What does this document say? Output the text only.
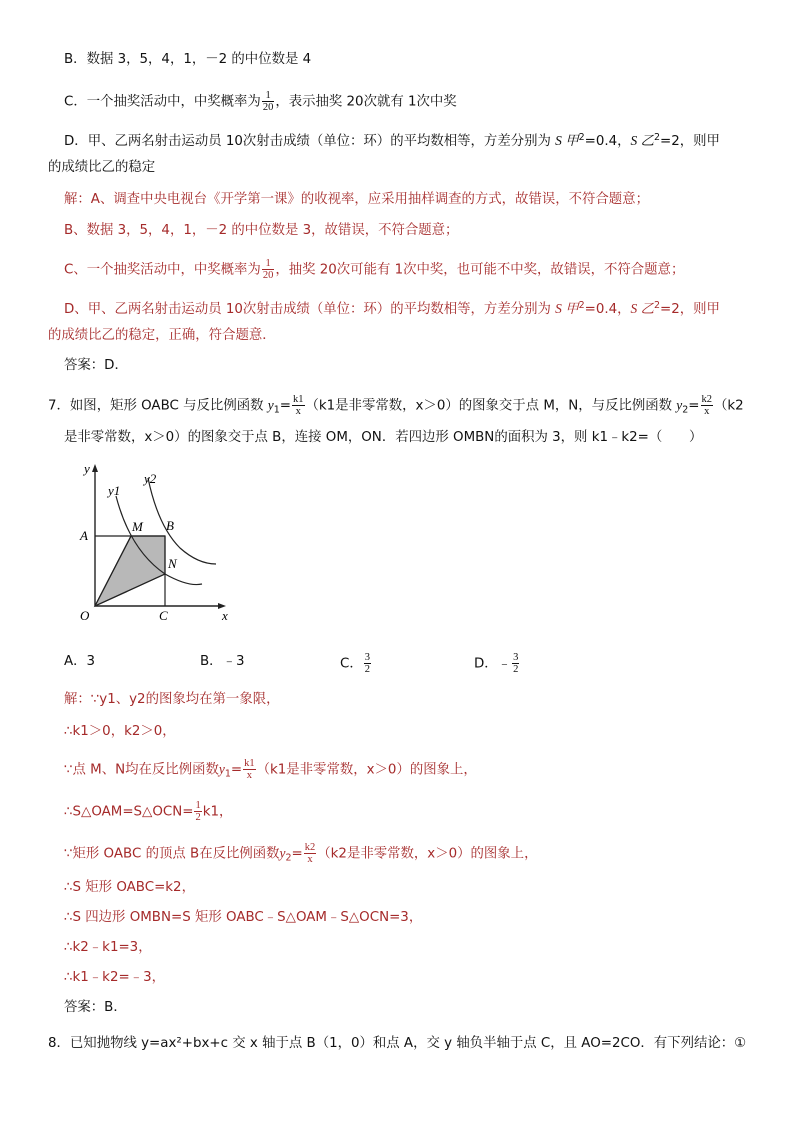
B．数据 3，5，4，1，－2 的中位数是 4
C．一个抽奖活动中，中奖概率为 $\frac{1}{20}$ ，表示抽奖 20次就有 1次中奖
D．甲、乙两名射击运动员 10次射击成绩（单位：环）的平均数相等，方差分别为 S 甲$^2$=0.4，S 乙$^2$=2，则甲
的成绩比乙的稳定
解：A、调查中央电视台《开学第一课》的收视率，应采用抽样调查的方式，故错误，不符合题意；
B、数据 3，5，4，1，－2 的中位数是 3，故错误，不符合题意；
C、一个抽奖活动中，中奖概率为 $\frac{1}{20}$ ，抽奖 20次可能有 1次中奖，也可能不中奖，故错误，不符合题意；
D、甲、乙两名射击运动员 10次射击成绩（单位：环）的平均数相等，方差分别为 S 甲$^2$=0.4，S 乙$^2$=2，则甲
的成绩比乙的稳定，正确，符合题意．
答案：D．
7．如图，矩形 OABC 与反比例函数 $y_1= \frac{k1}{x} (k1$是非零常数，x＞0）的图象交于点 M，N，与反比例函数 $y_2= \frac{k2}{x} (k2$
是非零常数，x＞0）的图象交于点 B，连接 OM，ON．若四边形 OMBN的面积为 3，则 k1﹣k2=（　　）
y
x
y1
y2
A
B
M
N
O	C
A．3	B．﹣3	C． $\frac{3}{2}$	D．﹣ $\frac{3}{2}$
解：∵y1、y2的图象均在第一象限，
∴k1＞0，k2＞0，
∵点 M、N均在反比例函数$y_1= \frac{k1}{x} (k1$是非零常数，x＞0）的图象上，
∴S△OAM=S△OCN= $\frac{1}{2} k1$，
∵矩形 OABC 的顶点 B在反比例函数$y_2= \frac{k2}{x} (k2$是非零常数，x＞0）的图象上，
∴S 矩形 OABC=k2，
∴S 四边形 OMBN=S 矩形 OABC﹣S△OAM﹣S△OCN=3，
∴k2﹣k1=3，
∴k1﹣k2=﹣3，
答案：B．
8．已知抛物线 y=ax²+bx+c 交 x 轴于点 B（1，0）和点 A，交 y 轴负半轴于点 C，且 AO=2CO．有下列结论：①
